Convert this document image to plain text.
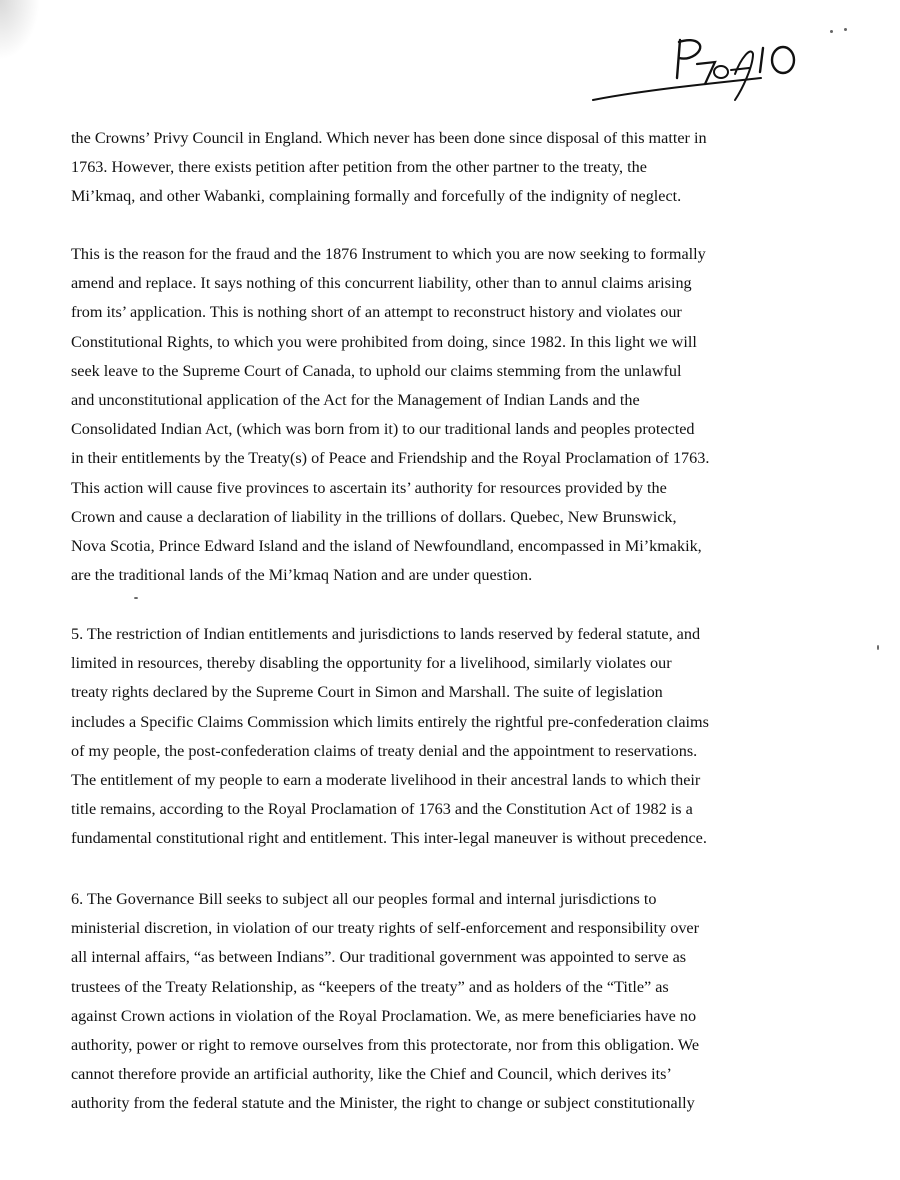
the Crowns’ Privy Council in England. Which never has been done since disposal of this matter in
1763. However, there exists petition after petition from the other partner to the treaty, the
Mi’kmaq, and other Wabanki, complaining formally and forcefully of the indignity of neglect.
This is the reason for the fraud and the 1876 Instrument to which you are now seeking to formally
amend and replace. It says nothing of this concurrent liability, other than to annul claims arising
from its’ application. This is nothing short of an attempt to reconstruct history and violates our
Constitutional Rights, to which you were prohibited from doing, since 1982. In this light we will
seek leave to the Supreme Court of Canada, to uphold our claims stemming from the unlawful
and unconstitutional application of the Act for the Management of Indian Lands and the
Consolidated Indian Act, (which was born from it) to our traditional lands and peoples protected
in their entitlements by the Treaty(s) of Peace and Friendship and the Royal Proclamation of 1763.
This action will cause five provinces to ascertain its’ authority for resources provided by the
Crown and cause a declaration of liability in the trillions of dollars. Quebec, New Brunswick,
Nova Scotia, Prince Edward Island and the island of Newfoundland, encompassed in Mi’kmakik,
are the traditional lands of the Mi’kmaq Nation and are under question.
5. The restriction of Indian entitlements and jurisdictions to lands reserved by federal statute, and
limited in resources, thereby disabling the opportunity for a livelihood, similarly violates our
treaty rights declared by the Supreme Court in Simon and Marshall. The suite of legislation
includes a Specific Claims Commission which limits entirely the rightful pre-confederation claims
of my people, the post-confederation claims of treaty denial and the appointment to reservations.
The entitlement of my people to earn a moderate livelihood in their ancestral lands to which their
title remains, according to the Royal Proclamation of 1763 and the Constitution Act of 1982 is a
fundamental constitutional right and entitlement. This inter-legal maneuver is without precedence.
6. The Governance Bill seeks to subject all our peoples formal and internal jurisdictions to
ministerial discretion, in violation of our treaty rights of self-enforcement and responsibility over
all internal affairs, “as between Indians”. Our traditional government was appointed to serve as
trustees of the Treaty Relationship, as “keepers of the treaty” and as holders of the “Title” as
against Crown actions in violation of the Royal Proclamation. We, as mere beneficiaries have no
authority, power or right to remove ourselves from this protectorate, nor from this obligation. We
cannot therefore provide an artificial authority, like the Chief and Council, which derives its’
authority from the federal statute and the Minister, the right to change or subject constitutionally
